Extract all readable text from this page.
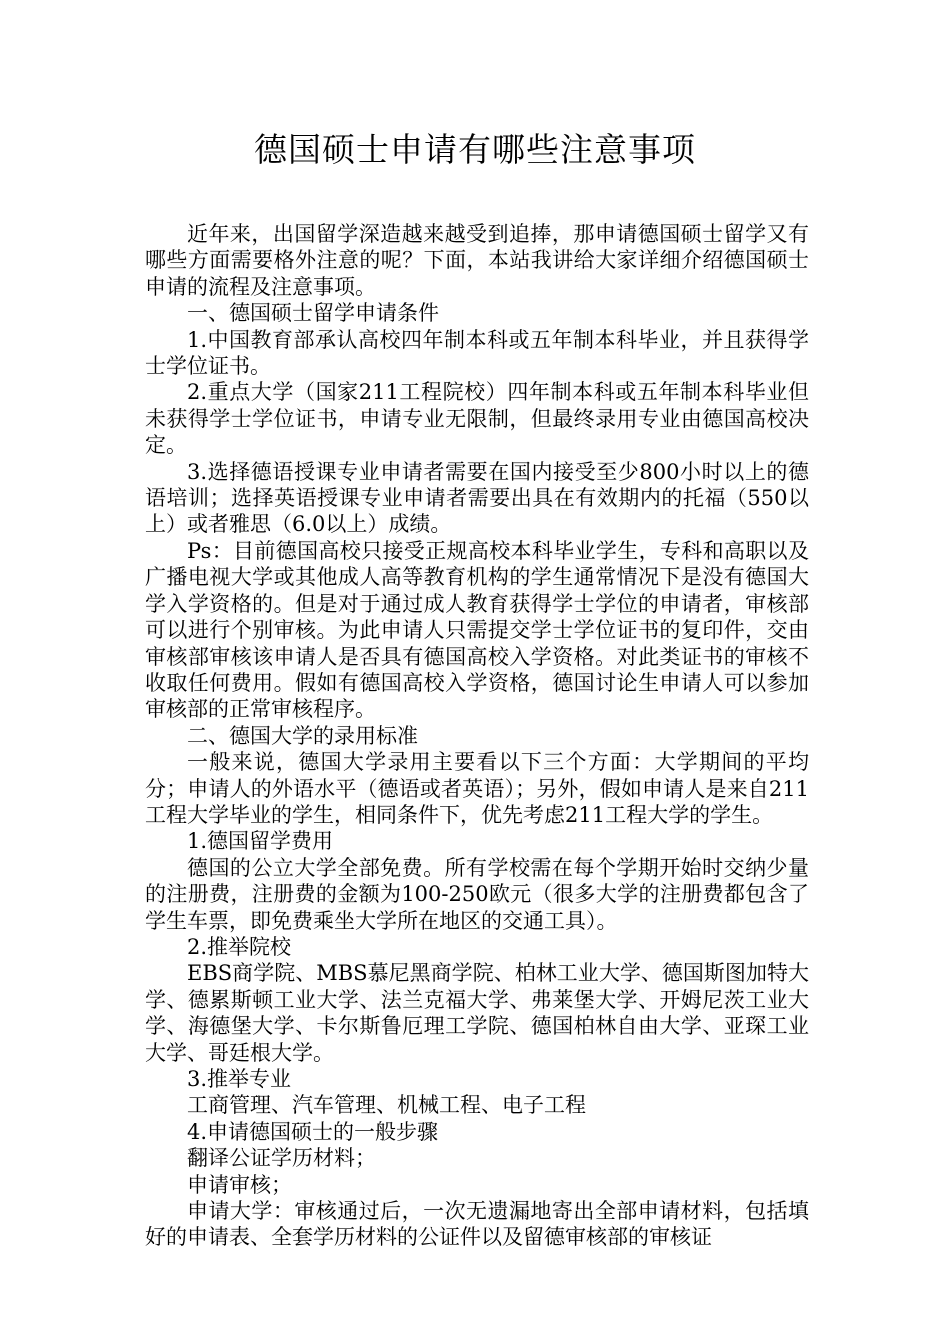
德国硕士申请有哪些注意事项

近年来，出国留学深造越来越受到追捧，那申请德国硕士留学又有哪些方面需要格外注意的呢？下面，本站我讲给大家详细介绍德国硕士申请的流程及注意事项。

一、德国硕士留学申请条件

1.中国教育部承认高校四年制本科或五年制本科毕业，并且获得学士学位证书。

2.重点大学（国家211工程院校）四年制本科或五年制本科毕业但未获得学士学位证书，申请专业无限制，但最终录用专业由德国高校决定。

3.选择德语授课专业申请者需要在国内接受至少800小时以上的德语培训；选择英语授课专业申请者需要出具在有效期内的托福（550以上）或者雅思（6.0以上）成绩。

Ps：目前德国高校只接受正规高校本科毕业学生，专科和高职以及广播电视大学或其他成人高等教育机构的学生通常情况下是没有德国大学入学资格的。但是对于通过成人教育获得学士学位的申请者，审核部可以进行个别审核。为此申请人只需提交学士学位证书的复印件，交由审核部审核该申请人是否具有德国高校入学资格。对此类证书的审核不收取任何费用。假如有德国高校入学资格，德国讨论生申请人可以参加审核部的正常审核程序。

二、德国大学的录用标准

一般来说，德国大学录用主要看以下三个方面：大学期间的平均分；申请人的外语水平（德语或者英语）；另外，假如申请人是来自211工程大学毕业的学生，相同条件下，优先考虑211工程大学的学生。

1.德国留学费用

德国的公立大学全部免费。所有学校需在每个学期开始时交纳少量的注册费，注册费的金额为100-250欧元（很多大学的注册费都包含了学生车票，即免费乘坐大学所在地区的交通工具）。

2.推举院校

EBS商学院、MBS慕尼黑商学院、柏林工业大学、德国斯图加特大学、德累斯顿工业大学、法兰克福大学、弗莱堡大学、开姆尼茨工业大学、海德堡大学、卡尔斯鲁厄理工学院、德国柏林自由大学、亚琛工业大学、哥廷根大学。

3.推举专业

工商管理、汽车管理、机械工程、电子工程

4.申请德国硕士的一般步骤

翻译公证学历材料；

申请审核；

申请大学：审核通过后，一次无遗漏地寄出全部申请材料，包括填好的申请表、全套学历材料的公证件以及留德审核部的审核证
